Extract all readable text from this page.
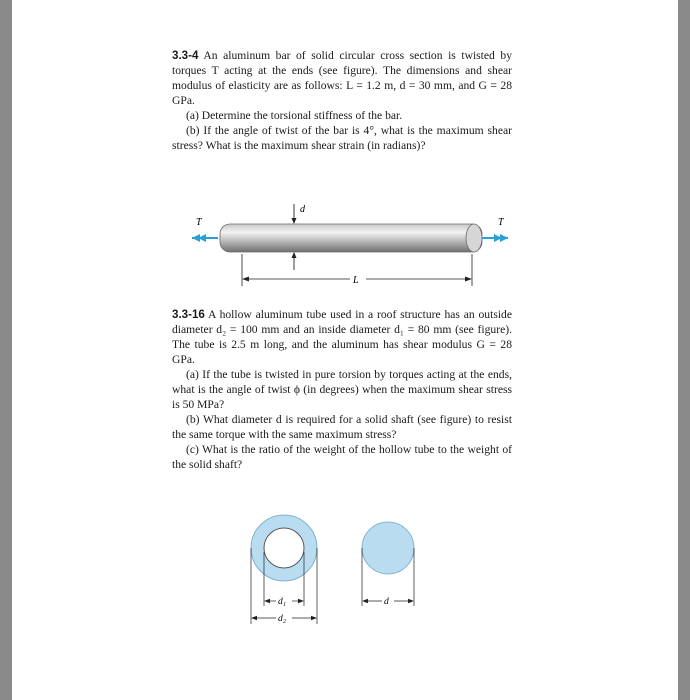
3.3-4 An aluminum bar of solid circular cross section is twisted by torques T acting at the ends (see figure). The dimensions and shear modulus of elasticity are as follows: L = 1.2 m, d = 30 mm, and G = 28 GPa.

(a) Determine the torsional stiffness of the bar.

(b) If the angle of twist of the bar is 4°, what is the maximum shear stress? What is the maximum shear strain (in radians)?

T	T
d
L

3.3-16 A hollow aluminum tube used in a roof structure has an outside diameter d₂ = 100 mm and an inside diameter d₁ = 80 mm (see figure). The tube is 2.5 m long, and the aluminum has shear modulus G = 28 GPa.

(a) If the tube is twisted in pure torsion by torques acting at the ends, what is the angle of twist ϕ (in degrees) when the maximum shear stress is 50 MPa?

(b) What diameter d is required for a solid shaft (see figure) to resist the same torque with the same maximum stress?

(c) What is the ratio of the weight of the hollow tube to the weight of the solid shaft?

d₁
d₂
d
